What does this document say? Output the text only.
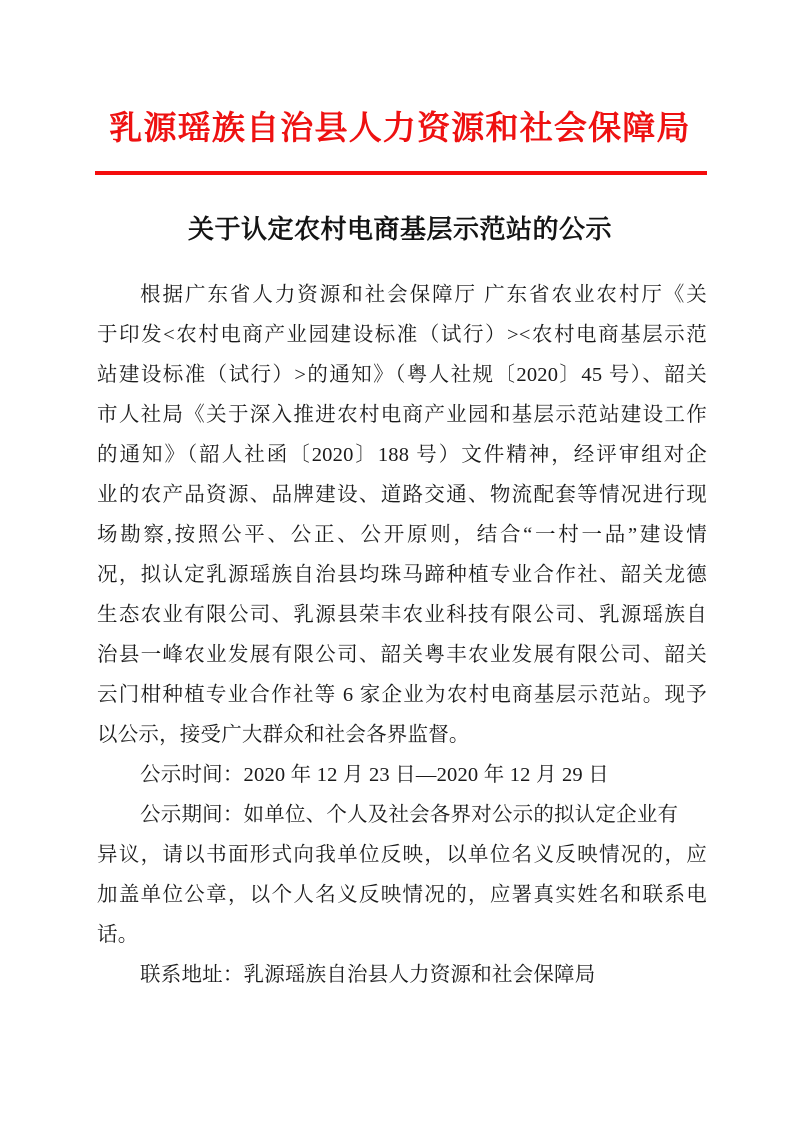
乳源瑶族自治县人力资源和社会保障局
关于认定农村电商基层示范站的公示
根据广东省人力资源和社会保障厅 广东省农业农村厅《关
于印发<农村电商产业园建设标准（试行）><农村电商基层示范
站建设标准（试行）>的通知》（粤人社规〔2020〕45 号）、韶关
市人社局《关于深入推进农村电商产业园和基层示范站建设工作
的通知》（韶人社函〔2020〕188 号）文件精神，经评审组对企
业的农产品资源、品牌建设、道路交通、物流配套等情况进行现
场勘察,按照公平、公正、公开原则，结合“一村一品”建设情
况，拟认定乳源瑶族自治县均珠马蹄种植专业合作社、韶关龙德
生态农业有限公司、乳源县荣丰农业科技有限公司、乳源瑶族自
治县一峰农业发展有限公司、韶关粤丰农业发展有限公司、韶关
云门柑种植专业合作社等 6 家企业为农村电商基层示范站。现予
以公示，接受广大群众和社会各界监督。
公示时间：2020 年 12 月 23 日—2020 年 12 月 29 日
公示期间：如单位、个人及社会各界对公示的拟认定企业有
异议，请以书面形式向我单位反映，以单位名义反映情况的，应
加盖单位公章，以个人名义反映情况的，应署真实姓名和联系电
话。
联系地址：乳源瑶族自治县人力资源和社会保障局
